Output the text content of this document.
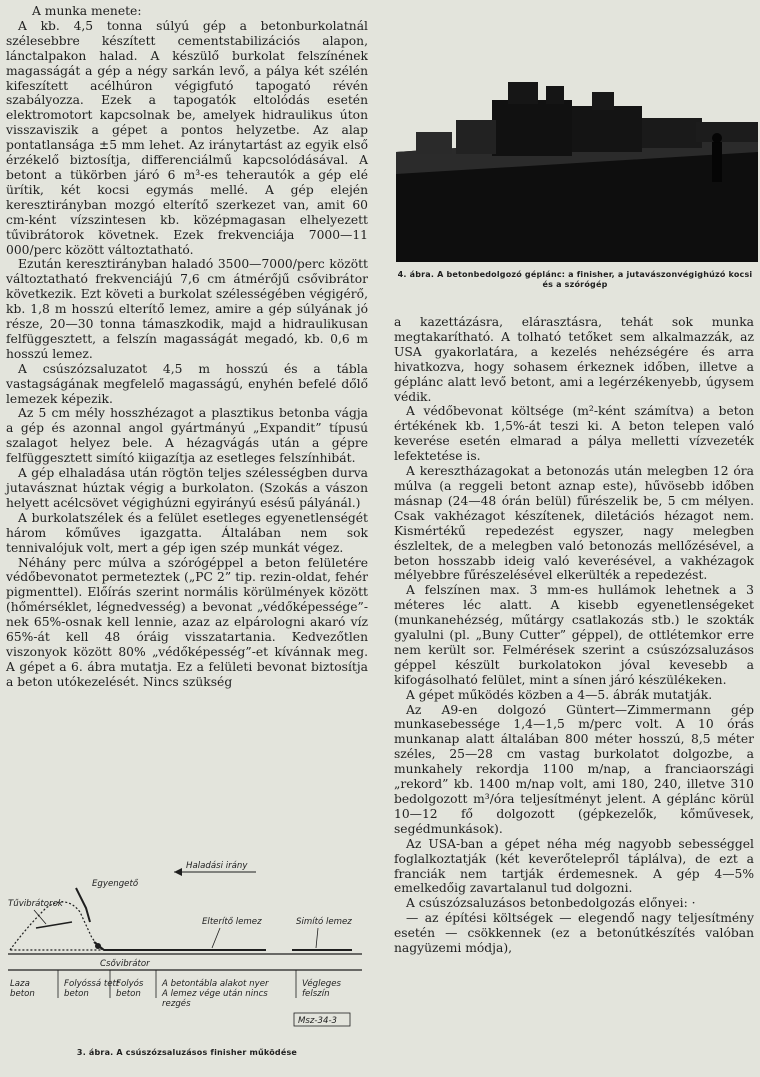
A munka menete:

A kb. 4,5 tonna súlyú gép a betonburkolatnál szélesebbre készített cementstabilizációs alapon, lánctalpakon halad. A készülő burkolat felszínének magasságát a gép a négy sarkán levő, a pálya két szélén kifeszített acélhúron végigfutó tapogató révén szabályozza. Ezek a tapogatók eltolódás esetén elektromotort kapcsolnak be, amelyek hidraulikus úton visszaviszik a gépet a pontos helyzetbe. Az alap pontatlansága ±5 mm lehet. Az iránytartást az egyik első érzékelő biztosítja, differenciálmű kapcsolódásával. A betont a tükörben járó 6 m³-es teherautók a gép elé ürítik, két kocsi egymás mellé. A gép elején keresztirányban mozgó elterítő szerkezet van, amit 60 cm-ként vízszintesen kb. középmagasan elhelyezett tűvibrátorok követnek. Ezek frekvenciája 7000—11 000/perc között változtatható.

Ezután keresztirányban haladó 3500—7000/perc között változtatható frekvenciájú 7,6 cm átmérőjű csővibrátor következik. Ezt követi a burkolat szélességében végigérő, kb. 1,8 m hosszú elterítő lemez, amire a gép súlyának jó része, 20—30 tonna támaszkodik, majd a hidraulikusan felfüggesztett, a felszín magasságát megadó, kb. 0,6 m hosszú lemez.

A csúszózsaluzatot 4,5 m hosszú és a tábla vastagságának megfelelő magasságú, enyhén befelé dőlő lemezek képezik.

Az 5 cm mély hosszhézagot a plasztikus betonba vágja a gép és azonnal angol gyártmányú „Expandit” típusú szalagot helyez bele. A hézagvágás után a gépre felfüggesztett simító kiigazítja az esetleges felszínhibát.

A gép elhaladása után rögtön teljes szélességben durva jutavásznat húztak végig a burkolaton. (Szokás a vászon helyett acélcsövet végighúzni egyirányú esésű pályánál.)

A burkolatszélek és a felület esetleges egyenetlenségét három kőműves igazgatta. Általában nem sok tennivalójuk volt, mert a gép igen szép munkát végez.

Néhány perc múlva a szórógéppel a beton felületére védőbevonatot permeteztek („PC 2” tip. rezin-oldat, fehér pigmenttel). Előírás szerint normális körülmények között (hőmérséklet, légnedvesség) a bevonat „védőképessége”-nek 65%-osnak kell lennie, azaz az elpárologni akaró víz 65%-át kell 48 óráig visszatartania. Kedvezőtlen viszonyok között 80% „védőképesség”-et kívánnak meg. A gépet a 6. ábra mutatja. Ez a felületi bevonat biztosítja a beton utókezelését. Nincs szükség

4. ábra. A betonbedolgozó géplánc: a finisher, a jutavászonvégighúzó kocsi és a szórógép

a kazettázásra, elárasztásra, tehát sok munka megtakarítható. A tolható tetőket sem alkalmazzák, az USA gyakorlatára, a kezelés nehézségére és arra hivatkozva, hogy sohasem érkeznek időben, illetve a géplánc alatt levő betont, ami a legérzékenyebb, úgysem védik.

A védőbevonat költsége (m²-ként számítva) a beton értékének kb. 1,5%-át teszi ki. A beton telepen való keverése esetén elmarad a pálya melletti vízvezeték lefektetése is.

A keresztházagokat a betonozás után melegben 12 óra múlva (a reggeli betont aznap este), hűvösebb időben másnap (24—48 órán belül) fűrészelik be, 5 cm mélyen. Csak vakhézagot készítenek, diletációs hézagot nem. Kismértékű repedezést egyszer, nagy melegben észleltek, de a melegben való betonozás mellőzésével, a beton hosszabb ideig való keverésével, a vakhézagok mélyebbre fűrészelésével elkerülték a repedezést.

A felszínen max. 3 mm-es hullámok lehetnek a 3 méteres léc alatt. A kisebb egyenetlenségeket (munkanehézség, műtárgy csatlakozás stb.) le szokták gyalulni (pl. „Buny Cutter” géppel), de ottlétemkor erre nem került sor. Felmérések szerint a csúszózsaluzásos géppel készült burkolatokon jóval kevesebb a kifogásolható felület, mint a sínen járó készülékeken.

A gépet működés közben a 4—5. ábrák mutatják.

Az A9-en dolgozó Güntert—Zimmermann gép munkasebessége 1,4—1,5 m/perc volt. A 10 órás munkanap alatt általában 800 méter hosszú, 8,5 méter széles, 25—28 cm vastag burkolatot dolgozbe, a munkahely rekordja 1100 m/nap, a franciaországi „rekord” kb. 1400 m/nap volt, ami 180, 240, illetve 310 bedolgozott m³/óra teljesítményt jelent. A géplánc körül 10—12 fő dolgozott (gépkezelők, kőművesek, segédmunkások).

Az USA-ban a gépet néha még nagyobb sebességgel foglalkoztatják (két keverőtelepről táplálva), de ezt a franciák nem tartják érdemesnek. A gép 4—5% emelkedőig zavartalanul tud dolgozni.

A csúszózsaluzásos betonbedolgozás előnyei: ·

— az építési költségek — elegendő nagy teljesítmény esetén — csökkennek (ez a betonútkészítés valóban nagyüzemi módja),

Haladási irány
Egyengető
Tűvibrátorok
Csővibrátor
Elterítő lemez	Simító lemez
Laza beton
Folyóssá tett beton
Folyós beton
A betontábla alakot nyer A lemez vége után nincs rezgés
Végleges felszín
Msz-34-3
3. ábra. A csúszózsaluzásos finisher működése
